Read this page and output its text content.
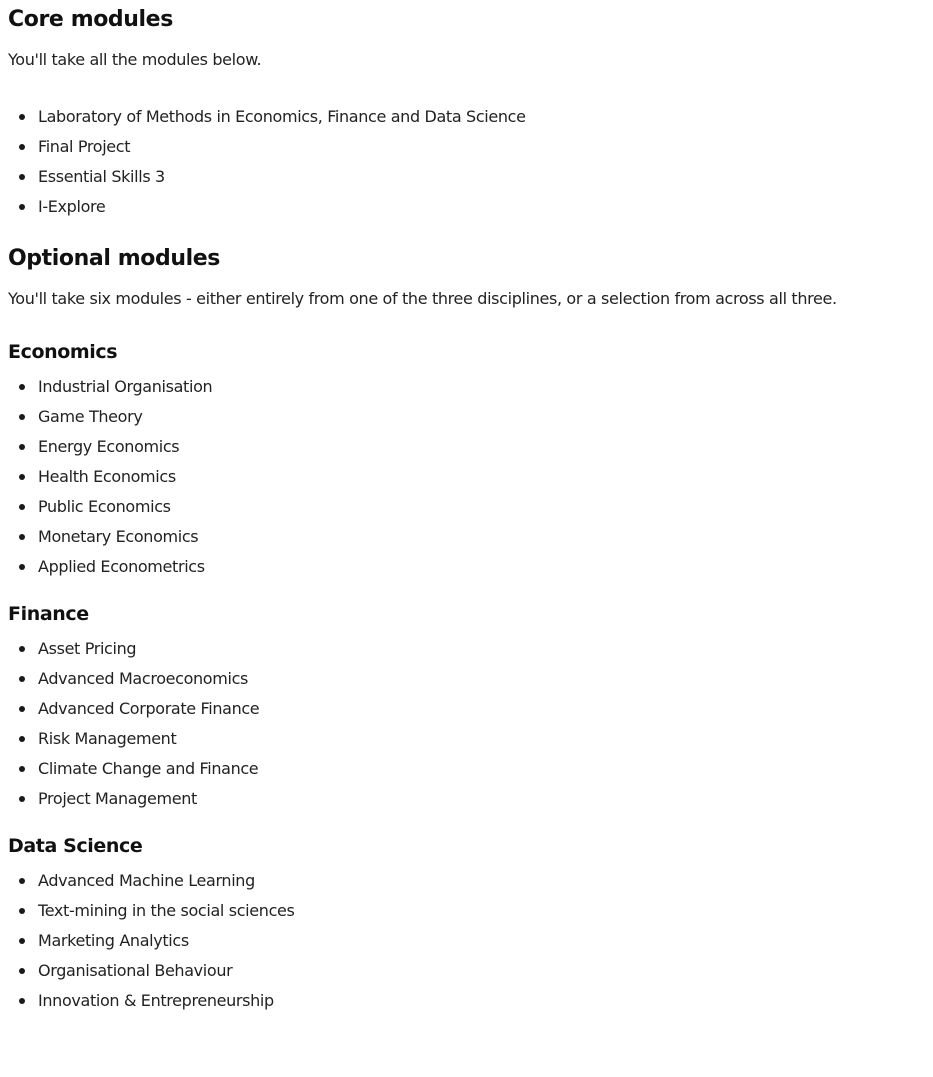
Core modules

You'll take all the modules below.

Laboratory of Methods in Economics, Finance and Data Science
Final Project
Essential Skills 3
I-Explore
Optional modules

You'll take six modules - either entirely from one of the three disciplines, or a selection from across all three.

Economics
Industrial Organisation
Game Theory
Energy Economics
Health Economics
Public Economics
Monetary Economics
Applied Econometrics
Finance
Asset Pricing
Advanced Macroeconomics
Advanced Corporate Finance
Risk Management
Climate Change and Finance
Project Management
Data Science
Advanced Machine Learning
Text-mining in the social sciences
Marketing Analytics
Organisational Behaviour
Innovation & Entrepreneurship
